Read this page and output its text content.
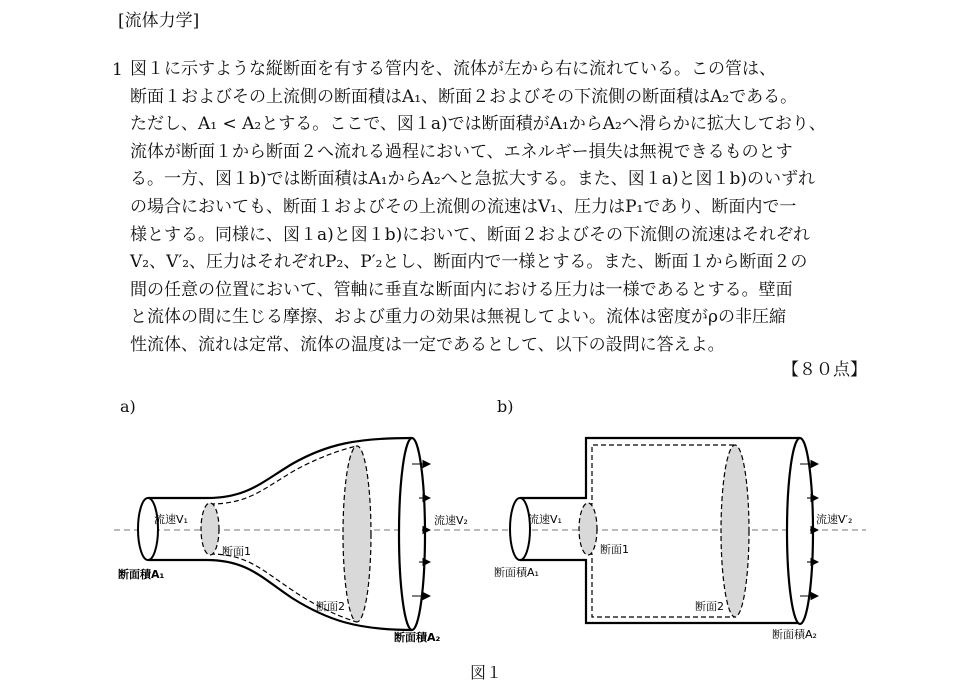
[流体力学]
1 図１に示すような縦断面を有する管内を、流体が左から右に流れている。この管は、
断面１およびその上流側の断面積はA₁、断面２およびその下流側の断面積はA₂である。
ただし、A₁ < A₂とする。ここで、図１a)では断面積がA₁からA₂へ滑らかに拡大しており、
流体が断面１から断面２へ流れる過程において、エネルギー損失は無視できるものとす
る。一方、図１b)では断面積はA₁からA₂へと急拡大する。また、図１a)と図１b)のいずれ
の場合においても、断面１およびその上流側の流速はV₁、圧力はP₁であり、断面内で一
様とする。同様に、図１a)と図１b)において、断面２およびその下流側の流速はそれぞれ
V₂、V′₂、圧力はそれぞれP₂、P′₂とし、断面内で一様とする。また、断面１から断面２の
間の任意の位置において、管軸に垂直な断面内における圧力は一様であるとする。壁面
と流体の間に生じる摩擦、および重力の効果は無視してよい。流体は密度がρの非圧縮
性流体、流れは定常、流体の温度は一定であるとして、以下の設問に答えよ。
【８０点】
a)	b)
流速V₁	流速V₂
断面1
断面2
断面積A₁
断面積A₂
流速V₁	流速V′₂
断面1
断面2
断面積A₁
断面積A₂
図１
